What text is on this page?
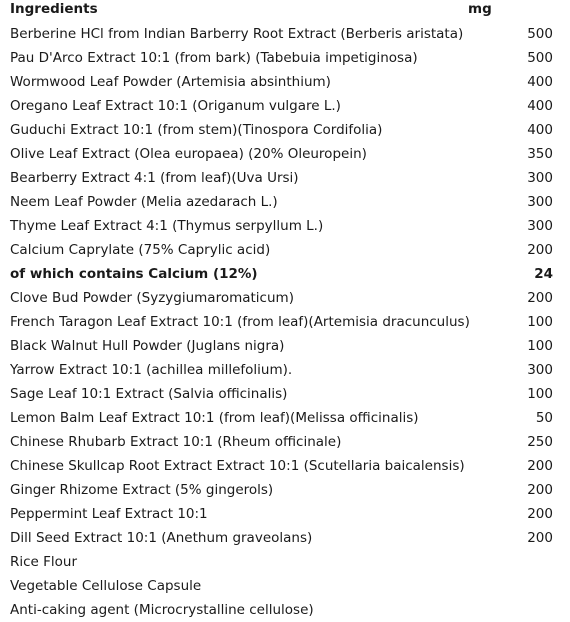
Ingredients	mg
Berberine HCl from Indian Barberry Root Extract (Berberis aristata)	500
Pau D'Arco Extract 10:1 (from bark) (Tabebuia impetiginosa)	500
Wormwood Leaf Powder (Artemisia absinthium)	400
Oregano Leaf Extract 10:1 (Origanum vulgare L.)	400
Guduchi Extract 10:1 (from stem)(Tinospora Cordifolia)	400
Olive Leaf Extract (Olea europaea) (20% Oleuropein)	350
Bearberry Extract 4:1 (from leaf)(Uva Ursi)	300
Neem Leaf Powder (Melia azedarach L.)	300
Thyme Leaf Extract 4:1 (Thymus serpyllum L.)	300
Calcium Caprylate (75% Caprylic acid)	200
of which contains Calcium (12%)	24
Clove Bud Powder (Syzygiumaromaticum)	200
French Taragon Leaf Extract 10:1 (from leaf)(Artemisia dracunculus)	100
Black Walnut Hull Powder (Juglans nigra)	100
Yarrow Extract 10:1 (achillea millefolium).	300
Sage Leaf 10:1 Extract (Salvia officinalis)	100
Lemon Balm Leaf Extract 10:1 (from leaf)(Melissa officinalis)	50
Chinese Rhubarb Extract 10:1 (Rheum officinale)	250
Chinese Skullcap Root Extract Extract 10:1 (Scutellaria baicalensis)	200
Ginger Rhizome Extract (5% gingerols)	200
Peppermint Leaf Extract 10:1	200
Dill Seed Extract 10:1 (Anethum graveolans)	200
Rice Flour
Vegetable Cellulose Capsule
Anti-caking agent (Microcrystalline cellulose)
